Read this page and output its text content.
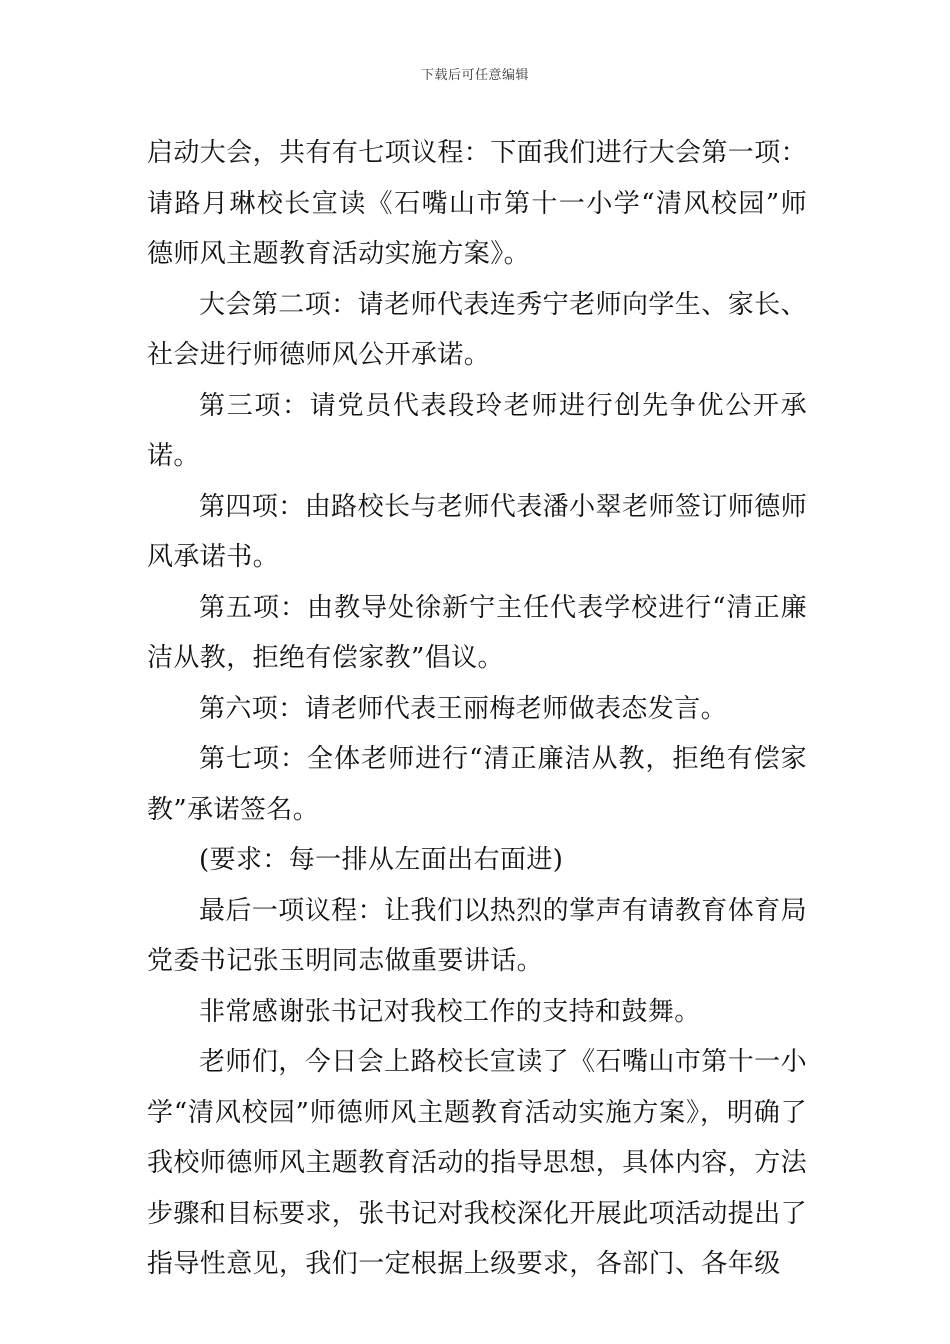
下载后可任意编辑

启动大会，共有有七项议程：下面我们进行大会第一项：请路月琳校长宣读《石嘴山市第十一小学“清风校园”师德师风主题教育活动实施方案》。

大会第二项：请老师代表连秀宁老师向学生、家长、社会进行师德师风公开承诺。

第三项：请党员代表段玲老师进行创先争优公开承诺。

第四项：由路校长与老师代表潘小翠老师签订师德师风承诺书。

第五项：由教导处徐新宁主任代表学校进行“清正廉洁从教，拒绝有偿家教”倡议。

第六项：请老师代表王丽梅老师做表态发言。

第七项：全体老师进行“清正廉洁从教，拒绝有偿家教”承诺签名。

(要求：每一排从左面出右面进)

最后一项议程：让我们以热烈的掌声有请教育体育局党委书记张玉明同志做重要讲话。

非常感谢张书记对我校工作的支持和鼓舞。

老师们，今日会上路校长宣读了《石嘴山市第十一小学“清风校园”师德师风主题教育活动实施方案》，明确了我校师德师风主题教育活动的指导思想，具体内容，方法步骤和目标要求，张书记对我校深化开展此项活动提出了指导性意见，我们一定根据上级要求，各部门、各年级
